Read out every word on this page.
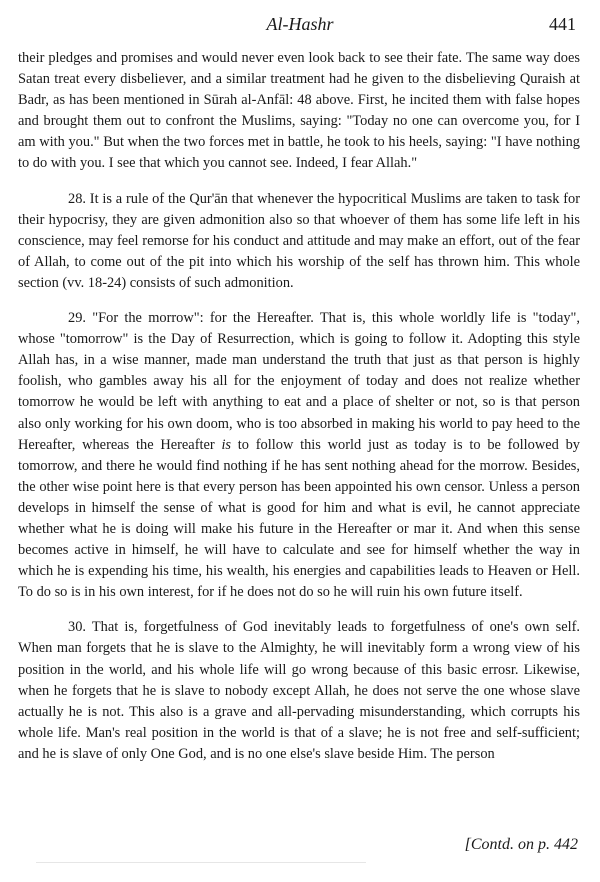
Al-Hashr	441

their pledges and promises and would never even look back to see their fate. The same way does Satan treat every disbeliever, and a similar treatment had he given to the disbelieving Quraish at Badr, as has been mentioned in Sūrah al-Anfāl: 48 above. First, he incited them with false hopes and brought them out to confront the Muslims, saying: "Today no one can overcome you, for I am with you." But when the two forces met in battle, he took to his heels, saying: "I have nothing to do with you. I see that which you cannot see. Indeed, I fear Allah."

28. It is a rule of the Qur'ān that whenever the hypocritical Muslims are taken to task for their hypocrisy, they are given admonition also so that whoever of them has some life left in his conscience, may feel remorse for his conduct and attitude and may make an effort, out of the fear of Allah, to come out of the pit into which his worship of the self has thrown him. This whole section (vv. 18-24) consists of such admonition.

29. "For the morrow": for the Hereafter. That is, this whole worldly life is "today", whose "tomorrow" is the Day of Resurrection, which is going to follow it. Adopting this style Allah has, in a wise manner, made man understand the truth that just as that person is highly foolish, who gambles away his all for the enjoyment of today and does not realize whether tomorrow he would be left with anything to eat and a place of shelter or not, so is that person also only working for his own doom, who is too absorbed in making his world to pay heed to the Hereafter, whereas the Hereafter is to follow this world just as today is to be followed by tomorrow, and there he would find nothing if he has sent nothing ahead for the morrow. Besides, the other wise point here is that every person has been appointed his own censor. Unless a person develops in himself the sense of what is good for him and what is evil, he cannot appreciate whether what he is doing will make his future in the Hereafter or mar it. And when this sense becomes active in himself, he will have to calculate and see for himself whether the way in which he is expending his time, his wealth, his energies and capabilities leads to Heaven or Hell. To do so is in his own interest, for if he does not do so he will ruin his own future itself.

30. That is, forgetfulness of God inevitably leads to forgetfulness of one's own self. When man forgets that he is slave to the Almighty, he will inevitably form a wrong view of his position in the world, and his whole life will go wrong because of this basic errosr. Likewise, when he forgets that he is slave to nobody except Allah, he does not serve the one whose slave actually he is not. This also is a grave and all-pervading misunderstanding, which corrupts his whole life. Man's real position in the world is that of a slave; he is not free and self-sufficient; and he is slave of only One God, and is no one else's slave beside Him. The person

[Contd. on p. 442
